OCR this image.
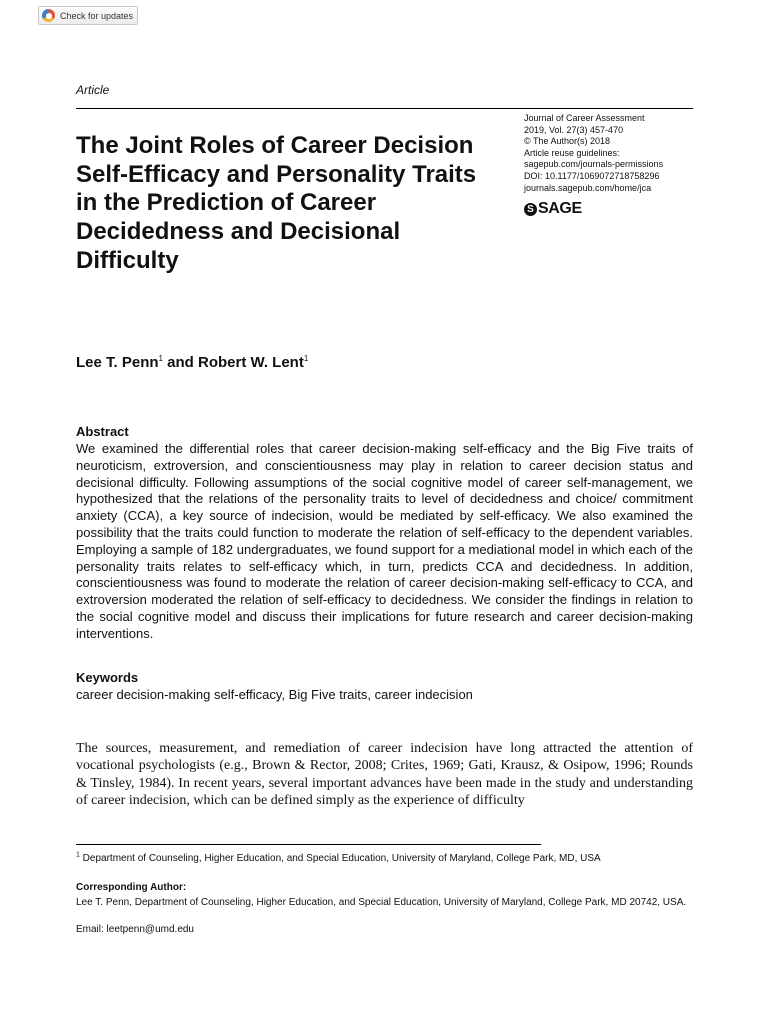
Check for updates
Article
Journal of Career Assessment
2019, Vol. 27(3) 457-470
© The Author(s) 2018
Article reuse guidelines:
sagepub.com/journals-permissions
DOI: 10.1177/1069072718758296
journals.sagepub.com/home/jca
S SAGE
The Joint Roles of Career Decision Self-Efficacy and Personality Traits in the Prediction of Career Decidedness and Decisional Difficulty
Lee T. Penn$^1$ and Robert W. Lent$^1$
Abstract
We examined the differential roles that career decision-making self-efficacy and the Big Five traits of neuroticism, extroversion, and conscientiousness may play in relation to career decision status and decisional difficulty. Following assumptions of the social cognitive model of career self-management, we hypothesized that the relations of the personality traits to level of decidedness and choice/ commitment anxiety (CCA), a key source of indecision, would be mediated by self-efficacy. We also examined the possibility that the traits could function to moderate the relation of self-efficacy to the dependent variables. Employing a sample of 182 undergraduates, we found support for a mediational model in which each of the personality traits relates to self-efficacy which, in turn, predicts CCA and decidedness. In addition, conscientiousness was found to moderate the relation of career decision-making self-efficacy to CCA, and extroversion moderated the relation of self-efficacy to decidedness. We consider the findings in relation to the social cognitive model and discuss their implications for future research and career decision-making interventions.
Keywords
career decision-making self-efficacy, Big Five traits, career indecision
The sources, measurement, and remediation of career indecision have long attracted the attention of vocational psychologists (e.g., Brown & Rector, 2008; Crites, 1969; Gati, Krausz, & Osipow, 1996; Rounds & Tinsley, 1984). In recent years, several important advances have been made in the study and understanding of career indecision, which can be defined simply as the experience of difficulty
$^1$ Department of Counseling, Higher Education, and Special Education, University of Maryland, College Park, MD, USA
Corresponding Author:
Lee T. Penn, Department of Counseling, Higher Education, and Special Education, University of Maryland, College Park, MD 20742, USA.
Email: leetpenn@umd.edu
